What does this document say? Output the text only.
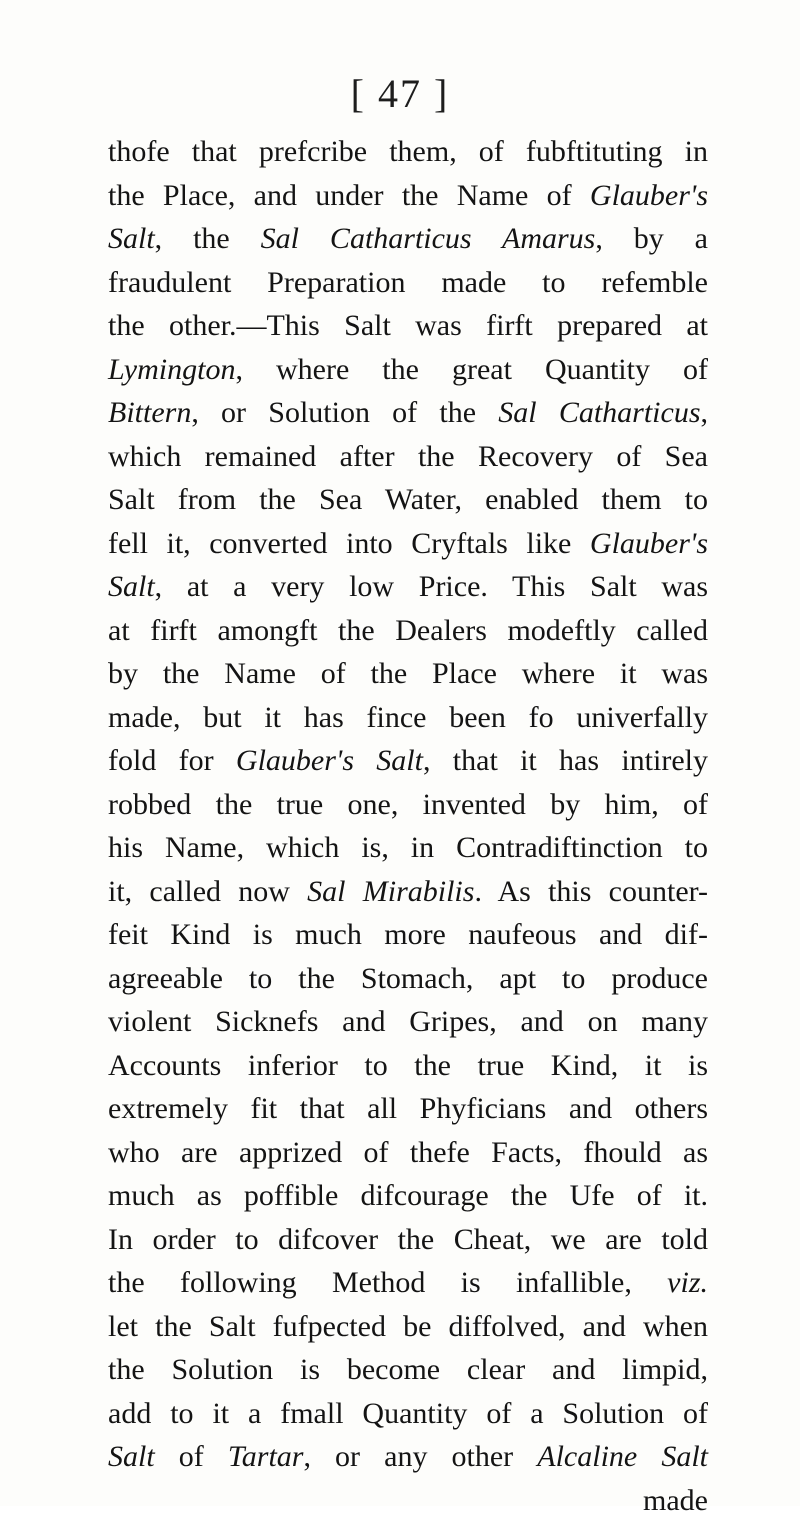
[ 47 ]
thofe that prefcribe them, of fubftituting in
the Place, and under the Name of Glauber's
Salt, the Sal Catharticus Amarus, by a
fraudulent Preparation made to refemble
the other.—This Salt was firft prepared at
Lymington, where the great Quantity of
Bittern, or Solution of the Sal Catharticus,
which remained after the Recovery of Sea
Salt from the Sea Water, enabled them to
fell it, converted into Cryftals like Glauber's
Salt, at a very low Price. This Salt was
at firft amongft the Dealers modeftly called
by the Name of the Place where it was
made, but it has fince been fo univerfally
fold for Glauber's Salt, that it has intirely
robbed the true one, invented by him, of
his Name, which is, in Contradiftinction to
it, called now Sal Mirabilis. As this counter-
feit Kind is much more naufeous and dif-
agreeable to the Stomach, apt to produce
violent Sicknefs and Gripes, and on many
Accounts inferior to the true Kind, it is
extremely fit that all Phyficians and others
who are apprized of thefe Facts, fhould as
much as poffible difcourage the Ufe of it.
In order to difcover the Cheat, we are told
the following Method is infallible, viz.
let the Salt fufpected be diffolved, and when
the Solution is become clear and limpid,
add to it a fmall Quantity of a Solution of
Salt of Tartar, or any other Alcaline Salt
made
